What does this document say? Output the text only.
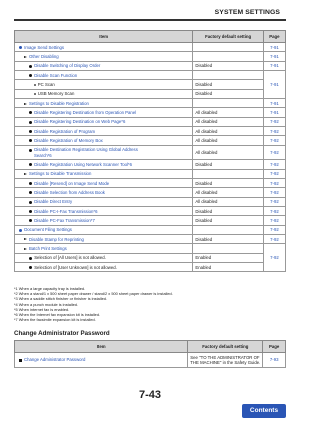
SYSTEM SETTINGS
Item	Factory default setting	Page
Image Send Settings		7-91
Other Disabling		7-91
Disable Switching of Display Order	Disabled	7-91
Disable Scan Function		7-91
PC Scan	Disabled	
USB Memory Scan	Disabled	
Settings to Disable Registration		7-91
Disable Registering Destination from Operation Panel	All disabled	7-91
Disable Registering Destination on Web Page*6	All disabled	7-92
Disable Registration of Program	All disabled	7-92
Disable Registration of Memory Box	All disabled	7-92
Disable Destination Registration Using Global Address
Search*6	All disabled	7-92
Disable Registration Using Network Scanner Tool*6	Disabled	7-92
Settings to Disable Transmission		7-92
Disable [Resend] on Image Send Mode	Disabled	7-92
Disable Selection from Address Book	All disabled	7-92
Disable Direct Entry	All disabled	7-92
Disable PC-I-Fax Transmission*6	Disabled	7-92
Disable PC-Fax Transmission*7	Disabled	7-92
Document Filing Settings		7-92
Disable Stamp for Reprinting	Disabled	7-92
Batch Print Settings		7-92
Selection of [All Users] is not allowed.	Enabled	
Selection of [User Unknown] is not allowed.	Enabled	
*1 When a large capacity tray is installed.
*2 When a stand/1 x 500 sheet paper drawer / stand/2 x 500 sheet paper drawer is installed.
*3 When a saddle stitch finisher or finisher is installed.
*4 When a punch module is installed.
*5 When internet fax is enabled.
*6 When the Internet fax expansion kit is installed.
*7 When the facsimile expansion kit is installed.
Change Administrator Password
Item	Factory default setting	Page
Change Administrator Password	See "TO THE ADMINISTRATOR OF
THE MACHINE" in the Safety Guide.	7-93
7-43
Contents
